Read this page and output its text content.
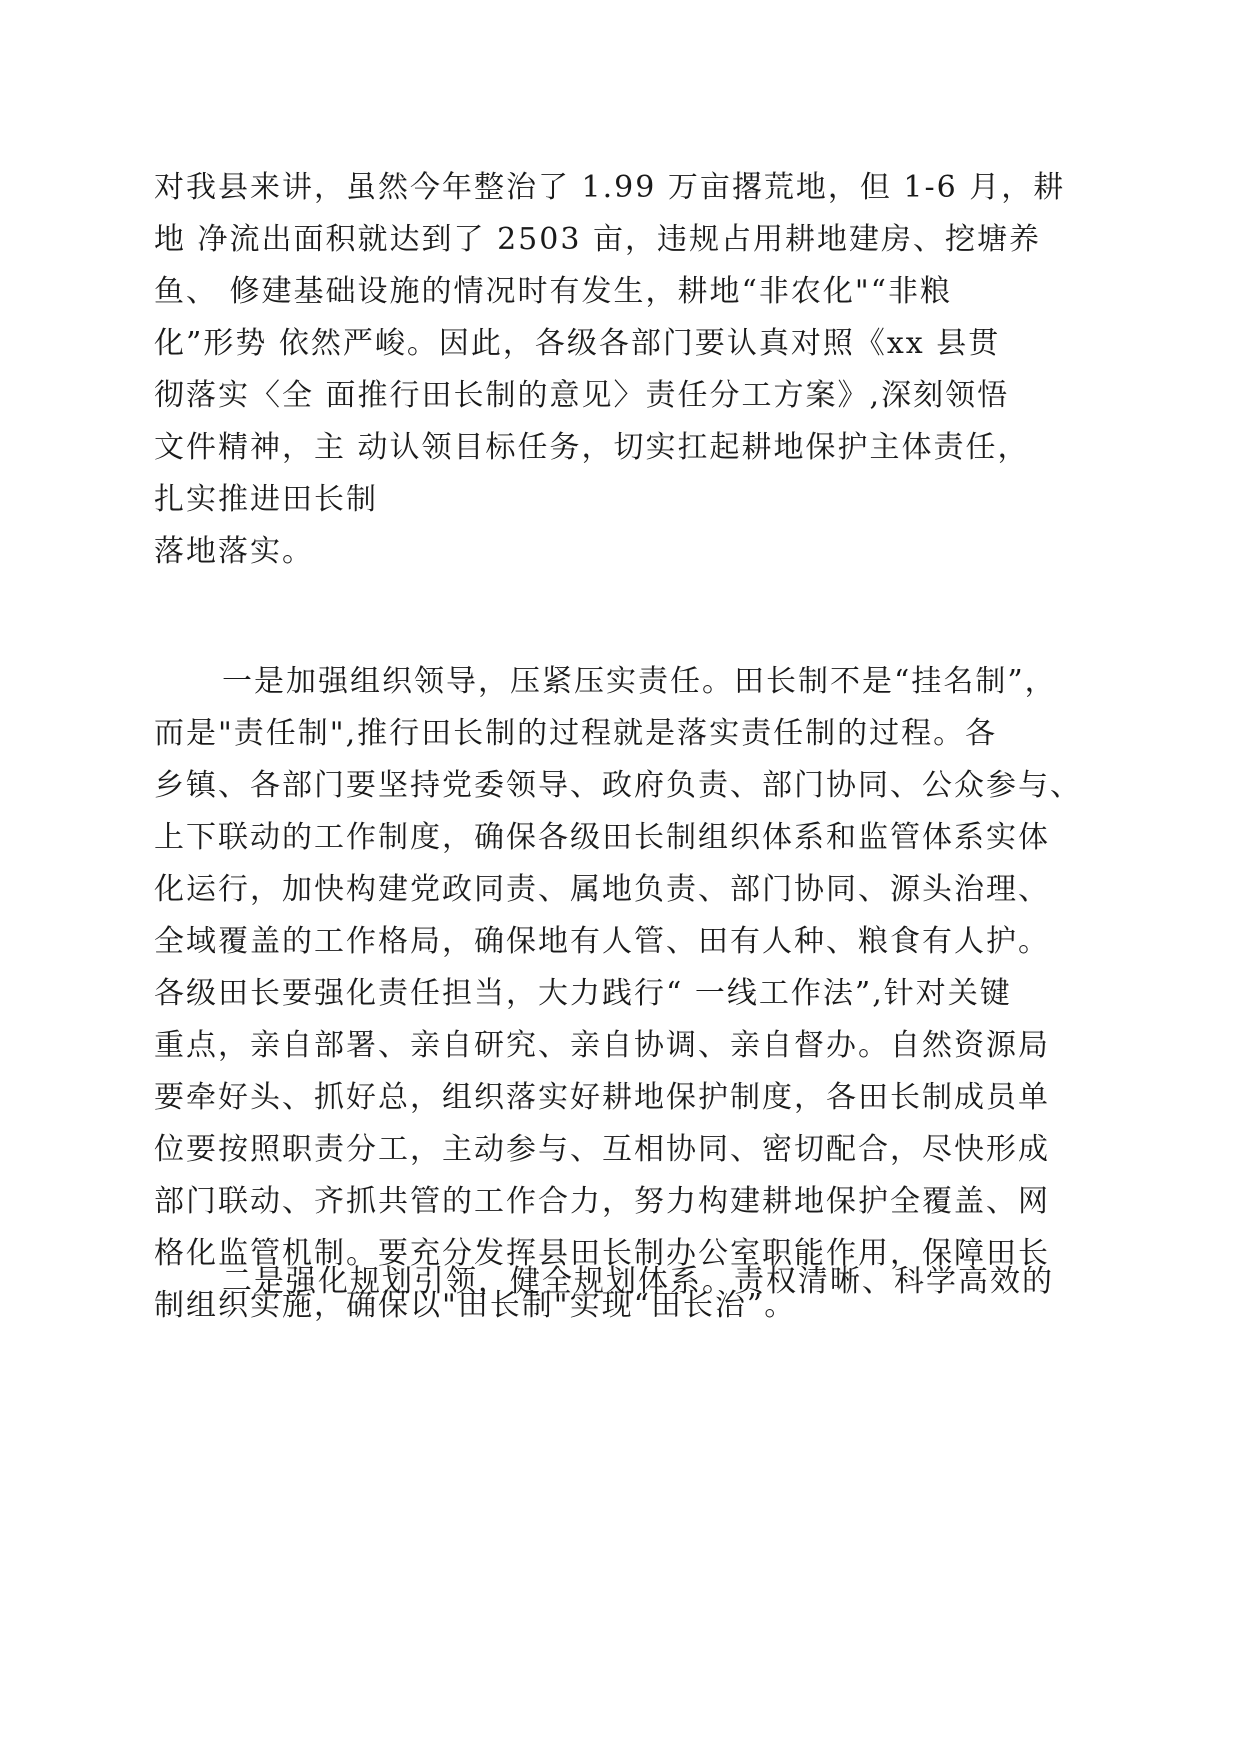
对我县来讲，虽然今年整治了 1.99 万亩撂荒地，但 1-6 月，耕
地 净流出面积就达到了 2503 亩，违规占用耕地建房、挖塘养
鱼、 修建基础设施的情况时有发生，耕地“非农化"“非粮
化”形势 依然严峻。因此，各级各部门要认真对照《xx 县贯
彻落实〈全 面推行田长制的意见〉责任分工方案》,深刻领悟
文件精神，主 动认领目标任务，切实扛起耕地保护主体责任，
扎实推进田长制
落地落实。
一是加强组织领导，压紧压实责任。田长制不是“挂名制”，
而是"责任制",推行田长制的过程就是落实责任制的过程。各
乡镇、各部门要坚持党委领导、政府负责、部门协同、公众参与、
上下联动的工作制度，确保各级田长制组织体系和监管体系实体
化运行，加快构建党政同责、属地负责、部门协同、源头治理、
全域覆盖的工作格局，确保地有人管、田有人种、粮食有人护。
各级田长要强化责任担当，大力践行“ 一线工作法”,针对关键
重点，亲自部署、亲自研究、亲自协调、亲自督办。自然资源局
要牵好头、抓好总，组织落实好耕地保护制度，各田长制成员单
位要按照职责分工，主动参与、互相协同、密切配合，尽快形成
部门联动、齐抓共管的工作合力，努力构建耕地保护全覆盖、网
格化监管机制。要充分发挥县田长制办公室职能作用，保障田长
制组织实施，确保以"田长制"实现“田长治”。
二是强化规划引领，健全规划体系。责权清晰、科学高效的
